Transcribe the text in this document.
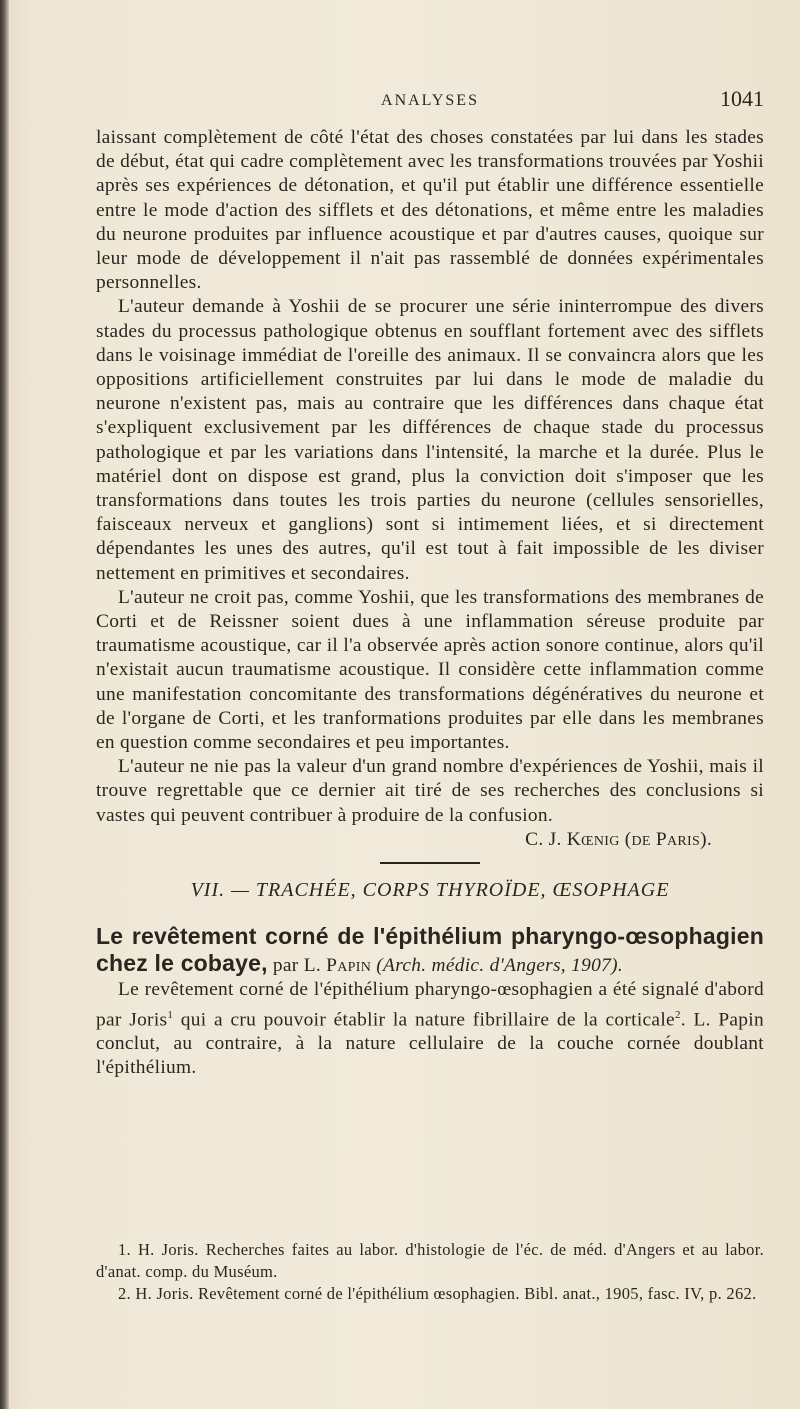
ANALYSES	1041

laissant complètement de côté l'état des choses constatées par lui dans les stades de début, état qui cadre complètement avec les transformations trouvées par Yoshii après ses expériences de détonation, et qu'il put établir une différence essentielle entre le mode d'action des sifflets et des détonations, et même entre les maladies du neurone produites par influence acoustique et par d'autres causes, quoique sur leur mode de développement il n'ait pas rassemblé de données expérimentales personnelles.

L'auteur demande à Yoshii de se procurer une série ininterrompue des divers stades du processus pathologique obtenus en soufflant fortement avec des sifflets dans le voisinage immédiat de l'oreille des animaux. Il se convaincra alors que les oppositions artificiellement construites par lui dans le mode de maladie du neurone n'existent pas, mais au contraire que les différences dans chaque état s'expliquent exclusivement par les différences de chaque stade du processus pathologique et par les variations dans l'intensité, la marche et la durée. Plus le matériel dont on dispose est grand, plus la conviction doit s'imposer que les transformations dans toutes les trois parties du neurone (cellules sensorielles, faisceaux nerveux et ganglions) sont si intimement liées, et si directement dépendantes les unes des autres, qu'il est tout à fait impossible de les diviser nettement en primitives et secondaires.

L'auteur ne croit pas, comme Yoshii, que les transformations des membranes de Corti et de Reissner soient dues à une inflammation séreuse produite par traumatisme acoustique, car il l'a observée après action sonore continue, alors qu'il n'existait aucun traumatisme acoustique. Il considère cette inflammation comme une manifestation concomitante des transformations dégénératives du neurone et de l'organe de Corti, et les tranformations produites par elle dans les membranes en question comme secondaires et peu importantes.

L'auteur ne nie pas la valeur d'un grand nombre d'expériences de Yoshii, mais il trouve regrettable que ce dernier ait tiré de ses recherches des conclusions si vastes qui peuvent contribuer à produire de la confusion.

C. J. Kœnig (de Paris).

VII. — TRACHÉE, CORPS THYROÏDE, ŒSOPHAGE

Le revêtement corné de l'épithélium pharyngo-œsophagien chez le cobaye, par L. Papin (Arch. médic. d'Angers, 1907).

Le revêtement corné de l'épithélium pharyngo-œsophagien a été signalé d'abord par Joris$^1$ qui a cru pouvoir établir la nature fibrillaire de la corticale$^2$. L. Papin conclut, au contraire, à la nature cellulaire de la couche cornée doublant l'épithélium.

1. H. Joris. Recherches faites au labor. d'histologie de l'éc. de méd. d'Angers et au labor. d'anat. comp. du Muséum.

2. H. Joris. Revêtement corné de l'épithélium œsophagien. Bibl. anat., 1905, fasc. IV, p. 262.
